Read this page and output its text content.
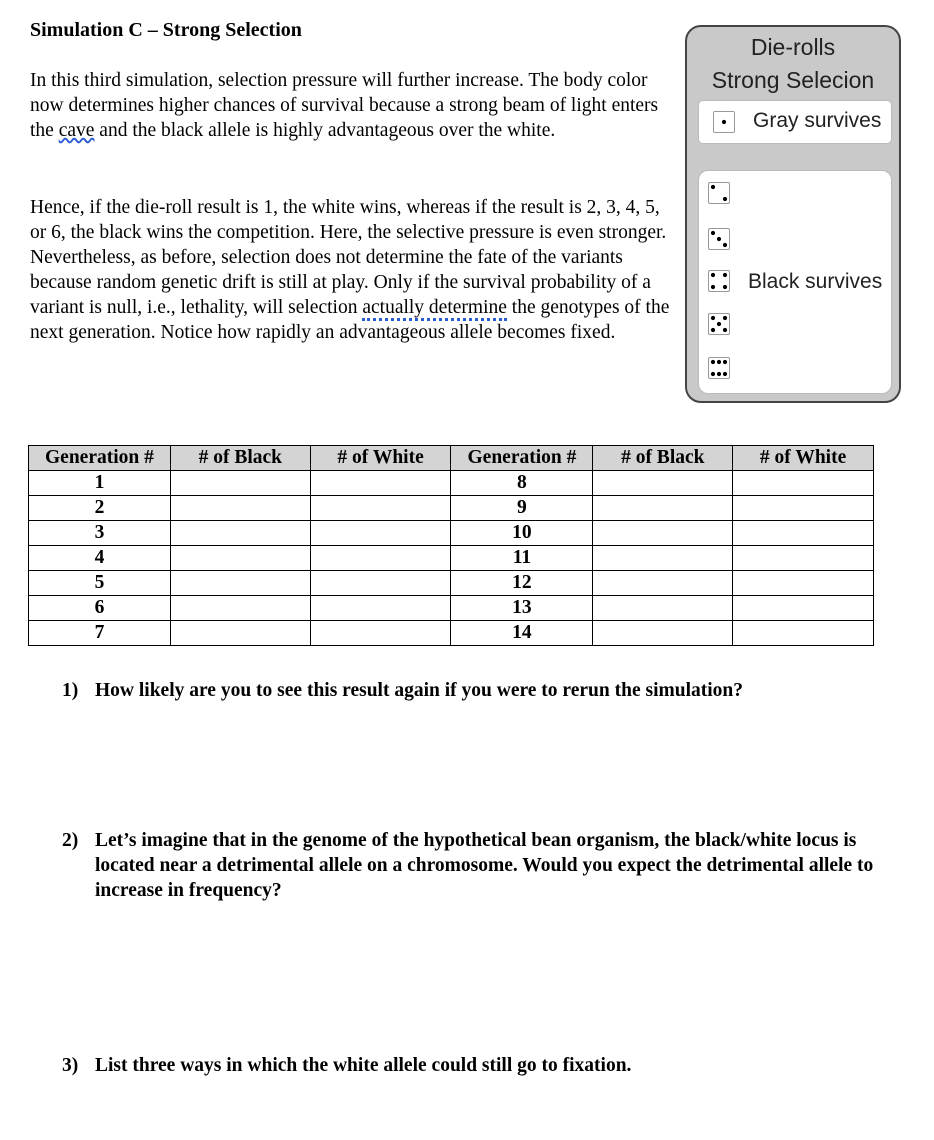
Simulation C – Strong Selection
In this third simulation, selection pressure will further increase. The body color now determines higher chances of survival because a strong beam of light enters the cave and the black allele is highly advantageous over the white.
Hence, if the die-roll result is 1, the white wins, whereas if the result is 2, 3, 4, 5, or 6, the black wins the competition. Here, the selective pressure is even stronger. Nevertheless, as before, selection does not determine the fate of the variants because random genetic drift is still at play. Only if the survival probability of a variant is null, i.e., lethality, will selection actually determine the genotypes of the next generation. Notice how rapidly an advantageous allele becomes fixed.
Die-rolls
Strong Selecion
Gray survives
Black survives
Generation #	# of Black	# of White	Generation #	# of Black	# of White
1			8		
2			9		
3			10		
4			11		
5			12		
6			13		
7			14		
1) How likely are you to see this result again if you were to rerun the simulation?
2) Let’s imagine that in the genome of the hypothetical bean organism, the black/white locus is located near a detrimental allele on a chromosome. Would you expect the detrimental allele to increase in frequency?
3) List three ways in which the white allele could still go to fixation.
